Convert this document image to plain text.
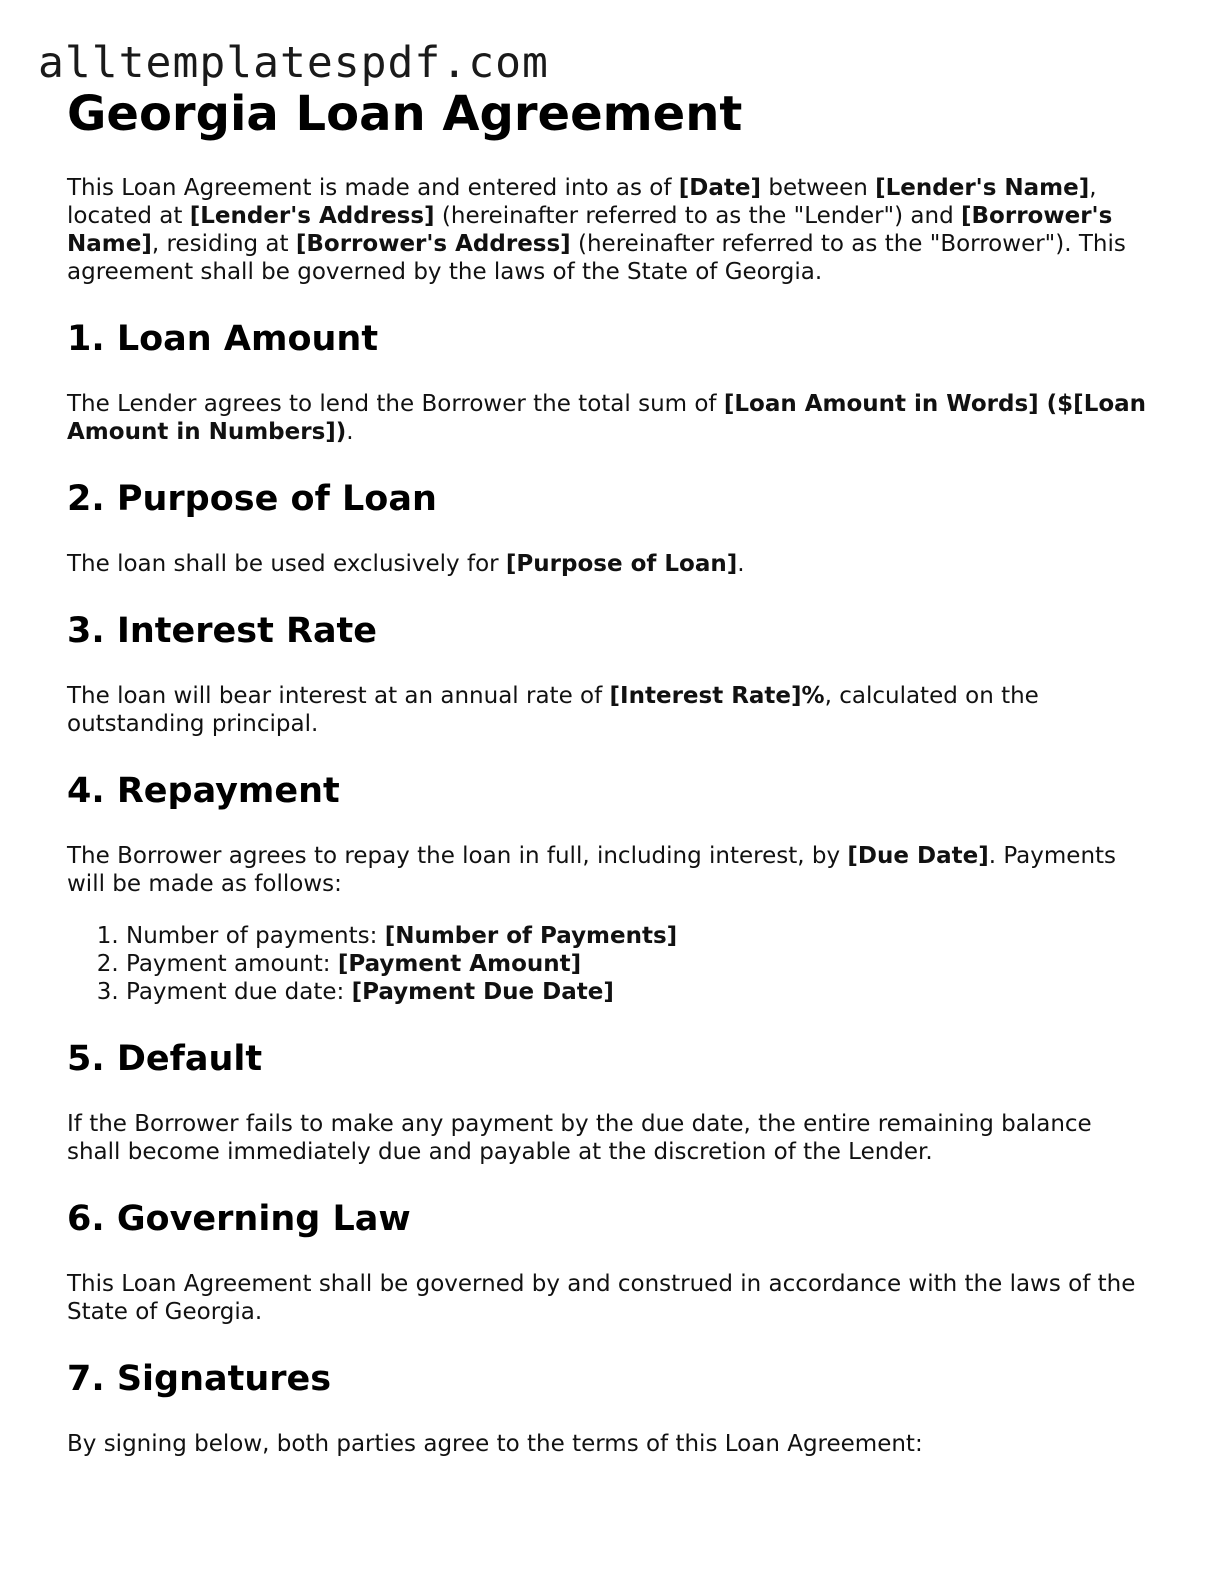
alltemplatespdf.com
Georgia Loan Agreement

This Loan Agreement is made and entered into as of [Date] between [Lender's Name], located at [Lender's Address] (hereinafter referred to as the "Lender") and [Borrower's Name], residing at [Borrower's Address] (hereinafter referred to as the "Borrower"). This agreement shall be governed by the laws of the State of Georgia.

1. Loan Amount

The Lender agrees to lend the Borrower the total sum of [Loan Amount in Words] ($[Loan Amount in Numbers]).

2. Purpose of Loan

The loan shall be used exclusively for [Purpose of Loan].

3. Interest Rate

The loan will bear interest at an annual rate of [Interest Rate]%, calculated on the outstanding principal.

4. Repayment

The Borrower agrees to repay the loan in full, including interest, by [Due Date]. Payments will be made as follows:

1. Number of payments: [Number of Payments]
2. Payment amount: [Payment Amount]
3. Payment due date: [Payment Due Date]
5. Default

If the Borrower fails to make any payment by the due date, the entire remaining balance shall become immediately due and payable at the discretion of the Lender.

6. Governing Law

This Loan Agreement shall be governed by and construed in accordance with the laws of the State of Georgia.

7. Signatures

By signing below, both parties agree to the terms of this Loan Agreement:
